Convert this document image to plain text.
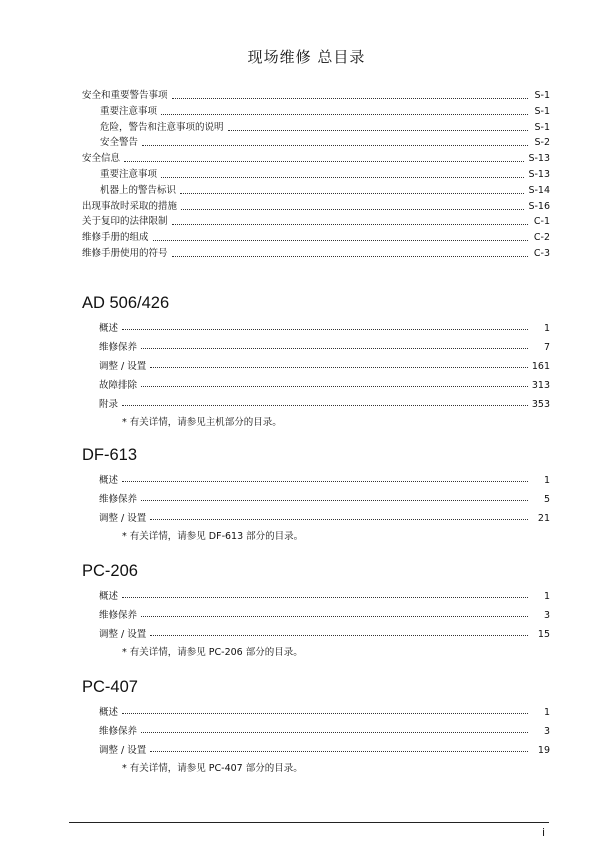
现场维修 总目录
安全和重要警告事项	S-1
重要注意事项	S-1
危险，警告和注意事项的说明	S-1
安全警告	S-2
安全信息	S-13
重要注意事项	S-13
机器上的警告标识	S-14
出现事故时采取的措施	S-16
关于复印的法律限制	C-1
维修手册的组成	C-2
维修手册使用的符号	C-3
AD 506/426
概述	1
维修保养	7
调整 / 设置	161
故障排除	313
附录	353
* 有关详情，请参见主机部分的目录。
DF-613
概述	1
维修保养	5
调整 / 设置	21
* 有关详情，请参见 DF-613 部分的目录。
PC-206
概述	1
维修保养	3
调整 / 设置	15
* 有关详情，请参见 PC-206 部分的目录。
PC-407
概述	1
维修保养	3
调整 / 设置	19
* 有关详情，请参见 PC-407 部分的目录。
i
